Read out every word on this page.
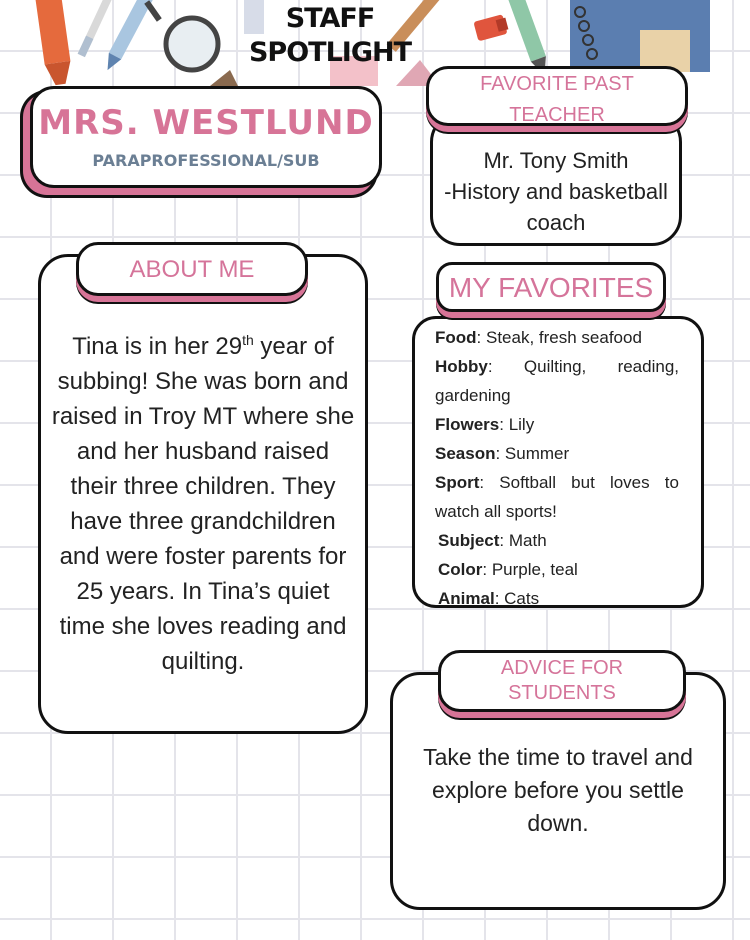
STAFF
SPOTLIGHT
MRS. WESTLUND
PARAPROFESSIONAL/SUB	Mr. Tony Smith
-History and basketball
coach
FAVORITE PAST
TEACHER
Tina is in her 29th year of subbing! She was born and raised in Troy MT where she and her husband raised their three children. They have three grandchildren and were foster parents for 25 years. In Tina’s quiet time she loves reading and quilting.
ABOUT ME
Food: Steak, fresh seafood
Hobby: Quilting, reading, gardening
Flowers: Lily
Season: Summer
Sport: Softball but loves to watch all sports!
Subject: Math
Color: Purple, teal
Animal: Cats
MY FAVORITES
Take the time to travel and explore before you settle down.
ADVICE FOR
STUDENTS
